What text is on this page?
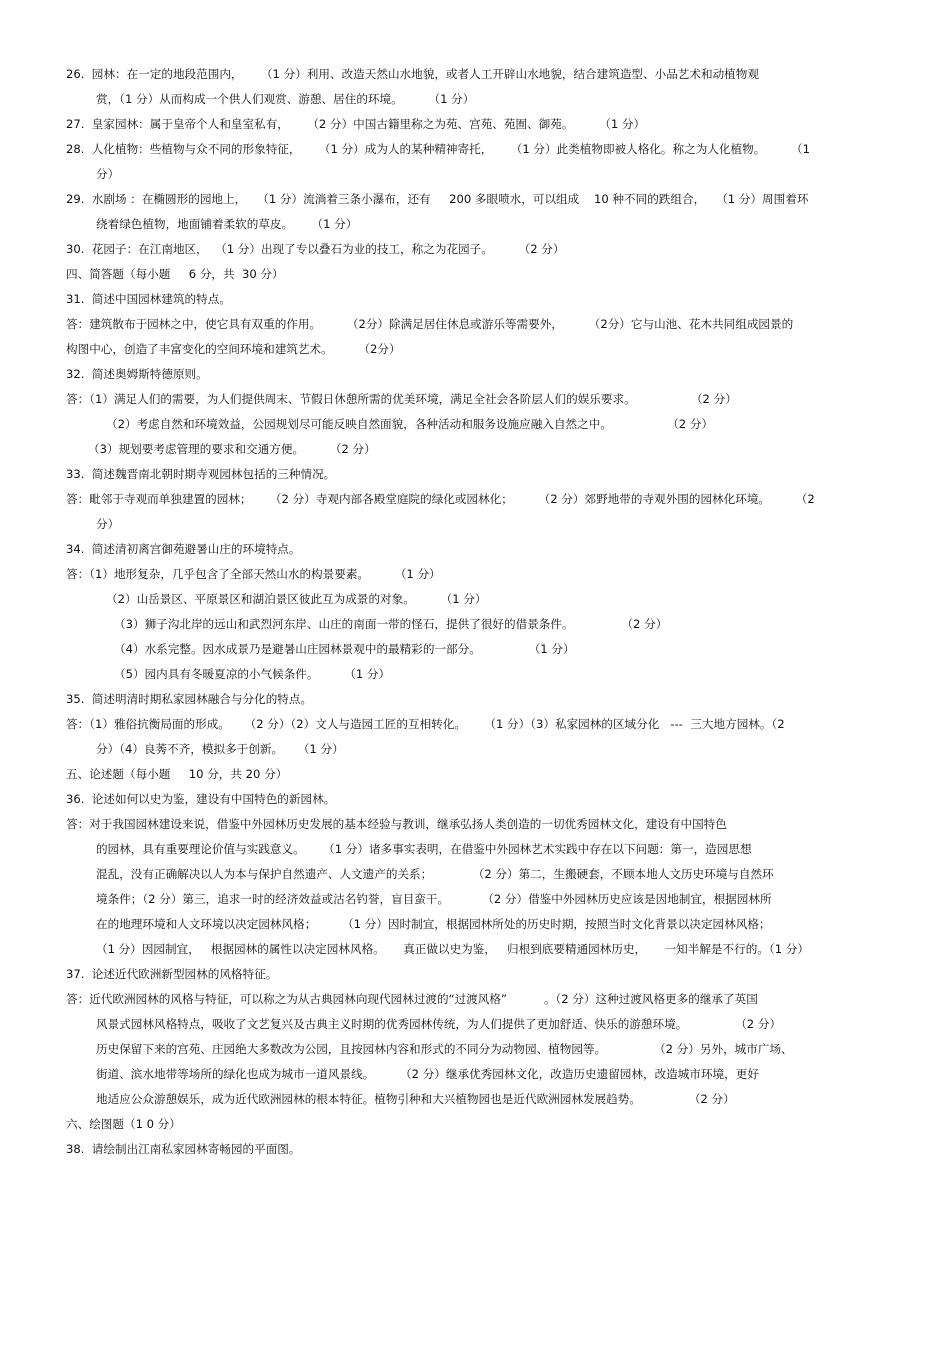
26.  园林：在一定的地段范围内，     （1 分）利用、改造天然山水地貌，或者人工开辟山水地貌，结合建筑造型、小品艺术和动植物观
赏，（1 分）从而构成一个供人们观赏、游憩、居住的环境。       （1 分）
27.  皇家园林：属于皇帝个人和皇室私有，     （2 分）中国古籍里称之为苑、宫苑、苑囿、御苑。       （1 分）
28.  人化植物：些植物与众不同的形象特征，     （1 分）成为人的某种精神寄托，     （1 分）此类植物即被人格化。称之为人化植物。       （1
分）
29.  水剧场 ：在椭圆形的园地上，   （1 分）流淌着三条小瀑布，还有     200 多眼喷水，可以组成    10 种不同的跌组合，   （1 分）周围着环
绕着绿色植物，地面铺着柔软的草皮。     （1 分）
30.  花园子：在江南地区，  （1 分）出现了专以叠石为业的技工，称之为花园子。       （2 分）
四、简答题（每小题     6 分，共  30 分）
31.  简述中国园林建筑的特点。
答：建筑散布于园林之中，使它具有双重的作用。       （2分）除满足居住休息或游乐等需要外，       （2分）它与山池、花木共同组成园景的
构图中心，创造了丰富变化的空间环境和建筑艺术。       （2分）
32.  简述奥姆斯特德原则。
答：（1）满足人们的需要，为人们提供周末、节假日休憩所需的优美环境，满足全社会各阶层人们的娱乐要求。               （2 分）
（2）考虑自然和环境效益，公园规划尽可能反映自然面貌，各种活动和服务设施应融入自然之中。               （2 分）
（3）规划要考虑管理的要求和交通方便。       （2 分）
33.  简述魏晋南北朝时期寺观园林包括的三种情况。
答：毗邻于寺观而单独建置的园林；     （2 分）寺观内部各殿堂庭院的绿化或园林化；       （2 分）郊野地带的寺观外围的园林化环境。       （2
分）
34.  简述清初离宫御苑避暑山庄的环境特点。
答：（1）地形复杂，几乎包含了全部天然山水的构景要素。       （1 分）
（2）山岳景区、平原景区和湖泊景区彼此互为成景的对象。       （1 分）
（3）狮子沟北岸的远山和武烈河东岸、山庄的南面一带的怪石，提供了很好的借景条件。             （2 分）
（4）水系完整。因水成景乃是避暑山庄园林景观中的最精彩的一部分。             （1 分）
（5）园内具有冬暖夏凉的小气候条件。       （1 分）
35.  简述明清时期私家园林融合与分化的特点。
答：（1）雅俗抗衡局面的形成。    （2 分）（2）文人与造园工匠的互相转化。     （1 分）（3）私家园林的区域分化   ---  三大地方园林。（2
分）（4）良莠不齐，模拟多于创新。    （1 分）
五、论述题（每小题     10 分，共 20 分）
36.  论述如何以史为鉴，建设有中国特色的新园林。
答：对于我国园林建设来说，借鉴中外园林历史发展的基本经验与教训，继承弘扬人类创造的一切优秀园林文化，建设有中国特色
的园林，具有重要理论价值与实践意义。     （1 分）诸多事实表明，在借鉴中外园林艺术实践中存在以下问题：第一，造园思想
混乱，没有正确解决以人为本与保护自然遗产、人文遗产的关系；           （2 分）第二，生搬硬套，不顾本地人文历史环境与自然环
境条件；（2 分）第三，追求一时的经济效益或沽名钓誉，盲目蛮干。         （2 分）借鉴中外园林历史应该是因地制宜，根据园林所
在的地理环境和人文环境以决定园林风格；       （1 分）因时制宜，根据园林所处的历史时期，按照当时文化背景以决定园林风格；
（1 分）因园制宜，   根据园林的属性以决定园林风格。     真正做以史为鉴，   归根到底要精通园林历史，     一知半解是不行的。（1 分）
37.  论述近代欧洲新型园林的风格特征。
答：近代欧洲园林的风格与特征，可以称之为从古典园林向现代园林过渡的“过渡风格”          。（2 分）这种过渡风格更多的继承了英国
风景式园林风格特点，吸收了文艺复兴及古典主义时期的优秀园林传统，为人们提供了更加舒适、快乐的游憩环境。             （2 分）
历史保留下来的宫苑、庄园绝大多数改为公园，且按园林内容和形式的不同分为动物园、植物园等。             （2 分）另外，城市广场、
街道、滨水地带等场所的绿化也成为城市一道风景线。       （2 分）继承优秀园林文化，改造历史遗留园林，改造城市环境，更好
地适应公众游憩娱乐，成为近代欧洲园林的根本特征。植物引种和大兴植物园也是近代欧洲园林发展趋势。             （2 分）
六、绘图题（1 0 分）
38.  请绘制出江南私家园林寄畅园的平面图。
